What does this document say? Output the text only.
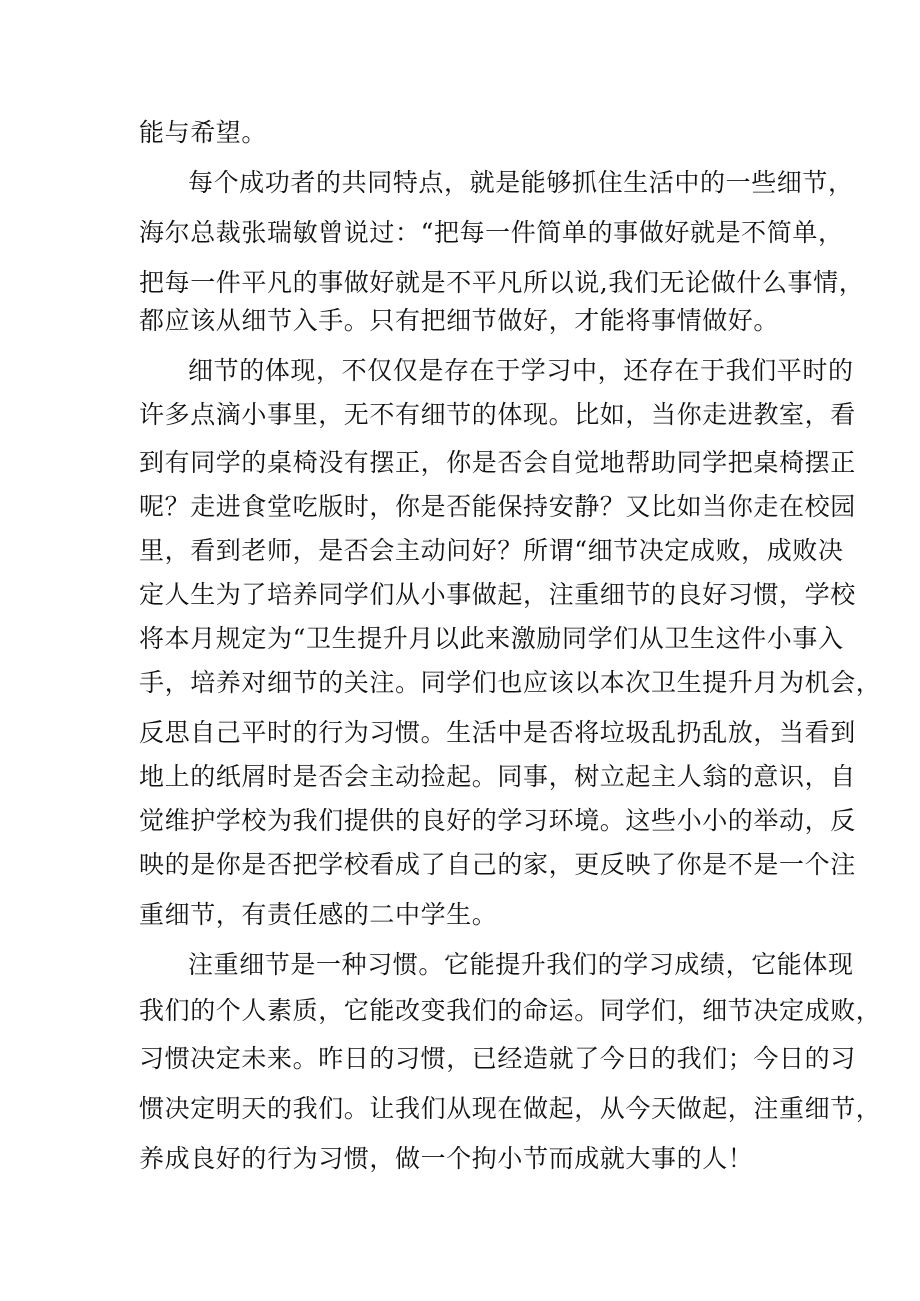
能与希望。
每个成功者的共同特点，就是能够抓住生活中的一些细节，
海尔总裁张瑞敏曾说过：“把每一件简单的事做好就是不简单，
把每一件平凡的事做好就是不平凡所以说,我们无论做什么事情，
都应该从细节入手。只有把细节做好，才能将事情做好。
细节的体现，不仅仅是存在于学习中，还存在于我们平时的
许多点滴小事里，无不有细节的体现。比如，当你走进教室，看
到有同学的桌椅没有摆正，你是否会自觉地帮助同学把桌椅摆正
呢？走进食堂吃版时，你是否能保持安静？又比如当你走在校园
里，看到老师，是否会主动问好？所谓“细节决定成败，成败决
定人生为了培养同学们从小事做起，注重细节的良好习惯，学校
将本月规定为“卫生提升月以此来激励同学们从卫生这件小事入
手，培养对细节的关注。同学们也应该以本次卫生提升月为机会，
反思自己平时的行为习惯。生活中是否将垃圾乱扔乱放，当看到
地上的纸屑时是否会主动捡起。同事，树立起主人翁的意识，自
觉维护学校为我们提供的良好的学习环境。这些小小的举动，反
映的是你是否把学校看成了自己的家，更反映了你是不是一个注
重细节，有责任感的二中学生。
注重细节是一种习惯。它能提升我们的学习成绩，它能体现
我们的个人素质，它能改变我们的命运。同学们，细节决定成败，
习惯决定未来。昨日的习惯，已经造就了今日的我们；今日的习
惯决定明天的我们。让我们从现在做起，从今天做起，注重细节，
养成良好的行为习惯，做一个拘小节而成就大事的人！
